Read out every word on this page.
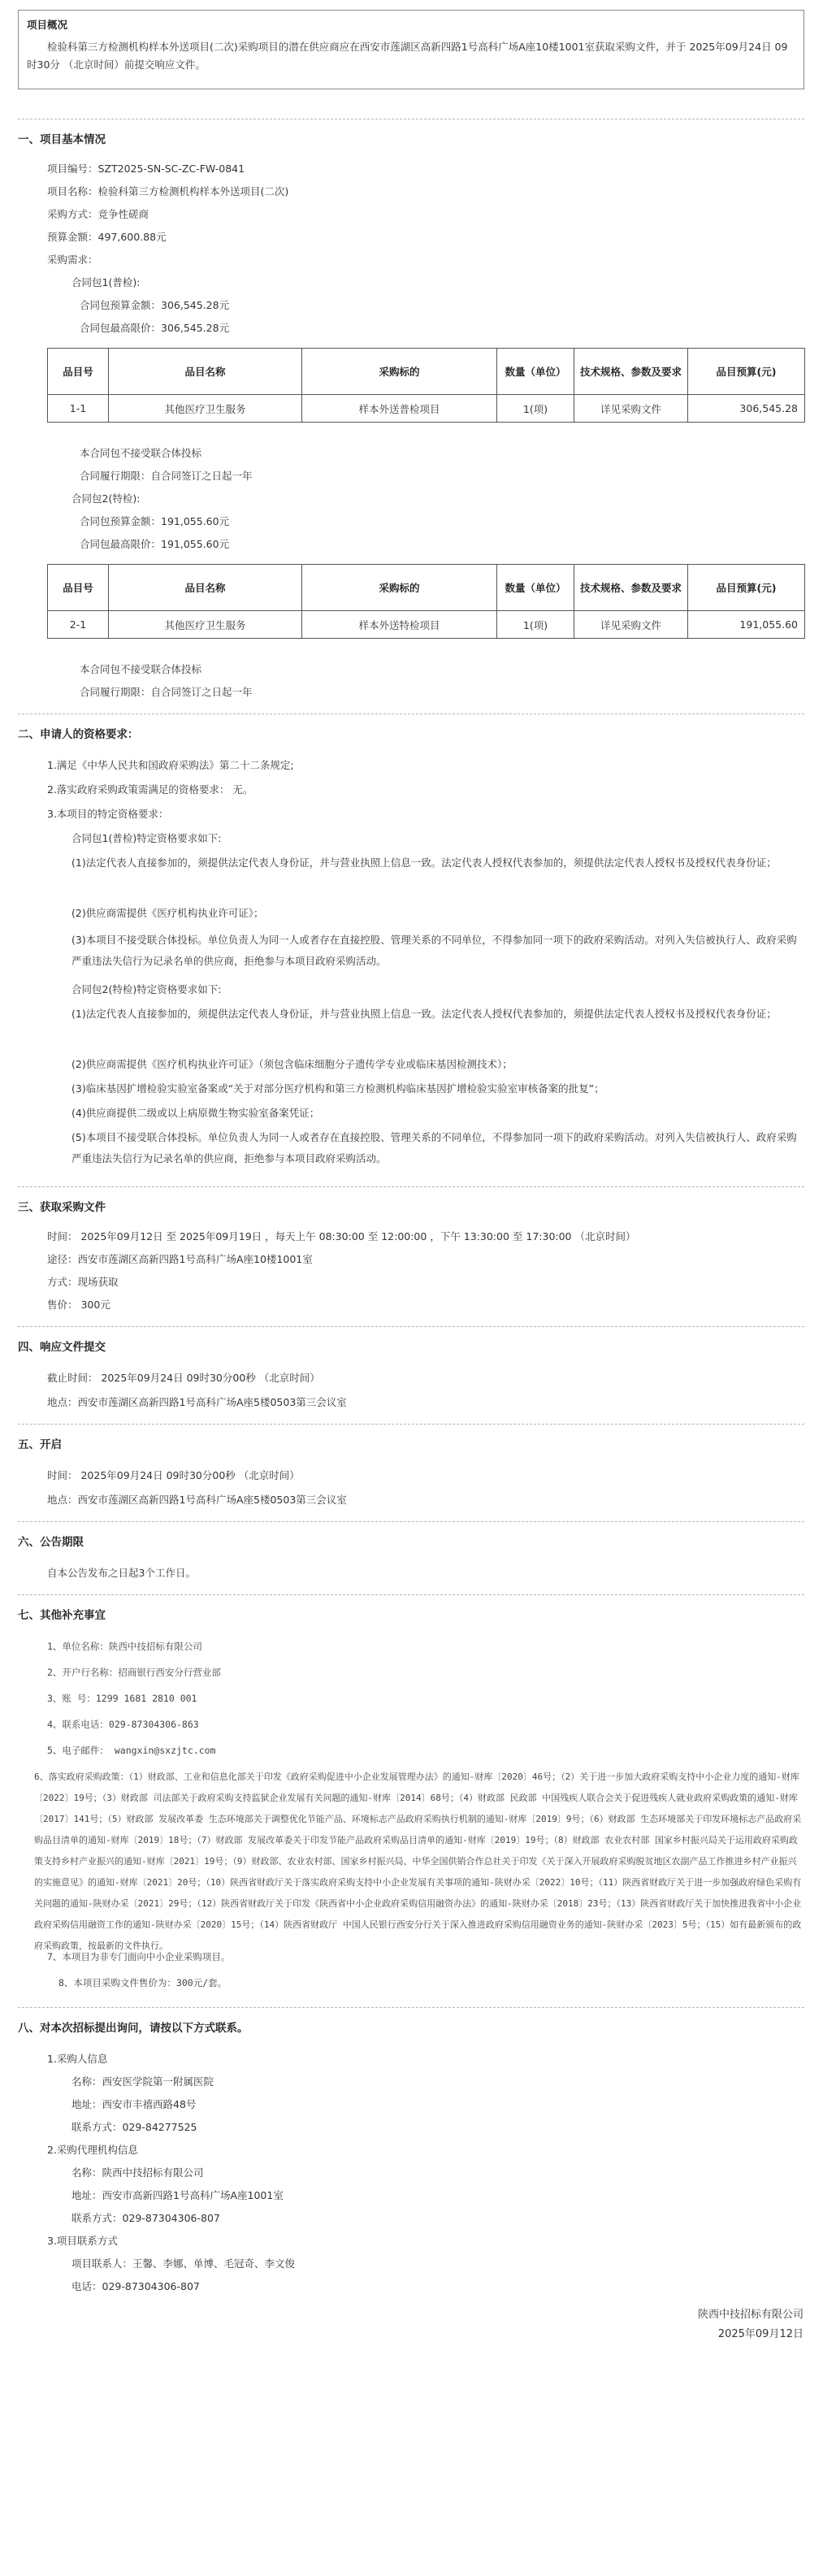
项目概况
检验科第三方检测机构样本外送项目(二次)采购项目的潜在供应商应在西安市莲湖区高新四路1号高科广场A座10楼1001室获取采购文件，并于 2025年09月24日 09时30分 （北京时间）前提交响应文件。
一、项目基本情况
项目编号：SZT2025-SN-SC-ZC-FW-0841
项目名称：检验科第三方检测机构样本外送项目(二次)
采购方式：竞争性磋商
预算金额：497,600.88元
采购需求：
合同包1(普检):
合同包预算金额：306,545.28元
合同包最高限价：306,545.28元
品目号	品目名称	采购标的	数量（单位）	技术规格、参数及要求	品目预算(元)
1-1	其他医疗卫生服务	样本外送普检项目	1(项)	详见采购文件	306,545.28
本合同包不接受联合体投标
合同履行期限：自合同签订之日起一年
合同包2(特检):
合同包预算金额：191,055.60元
合同包最高限价：191,055.60元
品目号	品目名称	采购标的	数量（单位）	技术规格、参数及要求	品目预算(元)
2-1	其他医疗卫生服务	样本外送特检项目	1(项)	详见采购文件	191,055.60
本合同包不接受联合体投标
合同履行期限：自合同签订之日起一年
二、申请人的资格要求：
1.满足《中华人民共和国政府采购法》第二十二条规定;
2.落实政府采购政策需满足的资格要求： 无。
3.本项目的特定资格要求：
合同包1(普检)特定资格要求如下:
(1)法定代表人直接参加的，须提供法定代表人身份证，并与营业执照上信息一致。法定代表人授权代表参加的，须提供法定代表人授权书及授权代表身份证；
(2)供应商需提供《医疗机构执业许可证》；
(3)本项目不接受联合体投标。单位负责人为同一人或者存在直接控股、管理关系的不同单位，不得参加同一项下的政府采购活动。对列入失信被执行人、政府采购严重违法失信行为记录名单的供应商，拒绝参与本项目政府采购活动。
合同包2(特检)特定资格要求如下:
(1)法定代表人直接参加的，须提供法定代表人身份证，并与营业执照上信息一致。法定代表人授权代表参加的，须提供法定代表人授权书及授权代表身份证；
(2)供应商需提供《医疗机构执业许可证》（须包含临床细胞分子遗传学专业或临床基因检测技术）；
(3)临床基因扩增检验实验室备案或“关于对部分医疗机构和第三方检测机构临床基因扩增检验实验室审核备案的批复”；
(4)供应商提供二级或以上病原微生物实验室备案凭证；
(5)本项目不接受联合体投标。单位负责人为同一人或者存在直接控股、管理关系的不同单位，不得参加同一项下的政府采购活动。对列入失信被执行人、政府采购严重违法失信行为记录名单的供应商，拒绝参与本项目政府采购活动。
三、获取采购文件
时间： 2025年09月12日 至 2025年09月19日 ，每天上午 08:30:00 至 12:00:00 ，下午 13:30:00 至 17:30:00 （北京时间）
途径：西安市莲湖区高新四路1号高科广场A座10楼1001室
方式：现场获取
售价： 300元
四、响应文件提交
截止时间： 2025年09月24日 09时30分00秒 （北京时间）
地点：西安市莲湖区高新四路1号高科广场A座5楼0503第三会议室
五、开启
时间： 2025年09月24日 09时30分00秒 （北京时间）
地点：西安市莲湖区高新四路1号高科广场A座5楼0503第三会议室
六、公告期限
自本公告发布之日起3个工作日。
七、其他补充事宜
1、单位名称：陕西中技招标有限公司
2、开户行名称：招商银行西安分行营业部
3、账 号：1299 1681 2810 001
4、联系电话：029-87304306-863
5、电子邮件： wangxin@sxzjtc.com
6、落实政府采购政策：（1）财政部、工业和信息化部关于印发《政府采购促进中小企业发展管理办法》的通知-财库〔2020〕46号；（2）关于进一步加大政府采购支持中小企业力度的通知-财库〔2022〕19号；（3）财政部 司法部关于政府采购支持监狱企业发展有关问题的通知-财库〔2014〕68号；（4）财政部 民政部 中国残疾人联合会关于促进残疾人就业政府采购政策的通知-财库〔2017〕141号；（5）财政部 发展改革委 生态环境部关于调整优化节能产品、环境标志产品政府采购执行机制的通知-财库〔2019〕9号；（6）财政部 生态环境部关于印发环境标志产品政府采购品目清单的通知-财库〔2019〕18号；（7）财政部 发展改革委关于印发节能产品政府采购品目清单的通知-财库〔2019〕19号；（8）财政部 农业农村部 国家乡村振兴局关于运用政府采购政策支持乡村产业振兴的通知-财库〔2021〕19号；（9）财政部、农业农村部、国家乡村振兴局、中华全国供销合作总社关于印发《关于深入开展政府采购脱贫地区农副产品工作推进乡村产业振兴的实施意见》的通知-财库〔2021〕20号；（10）陕西省财政厅关于落实政府采购支持中小企业发展有关事项的通知-陕财办采〔2022〕10号；（11）陕西省财政厅关于进一步加强政府绿色采购有关问题的通知-陕财办采〔2021〕29号；（12）陕西省财政厅关于印发《陕西省中小企业政府采购信用融资办法》的通知-陕财办采〔2018〕23号；（13）陕西省财政厅关于加快推进我省中小企业政府采购信用融资工作的通知-陕财办采〔2020〕15号；（14）陕西省财政厅 中国人民银行西安分行关于深入推进政府采购信用融资业务的通知-陕财办采〔2023〕5号；（15）如有最新颁布的政府采购政策，按最新的文件执行。
7、本项目为非专门面向中小企业采购项目。
8、本项目采购文件售价为：300元/套。
八、对本次招标提出询问，请按以下方式联系。
1.采购人信息
名称：西安医学院第一附属医院
地址：西安市丰禧西路48号
联系方式：029-84277525
2.采购代理机构信息
名称：陕西中技招标有限公司
地址：西安市高新四路1号高科广场A座1001室
联系方式：029-87304306-807
3.项目联系方式
项目联系人：王馨、李娜、单博、毛冠奇、李文俊
电话：029-87304306-807
陕西中技招标有限公司
2025年09月12日
